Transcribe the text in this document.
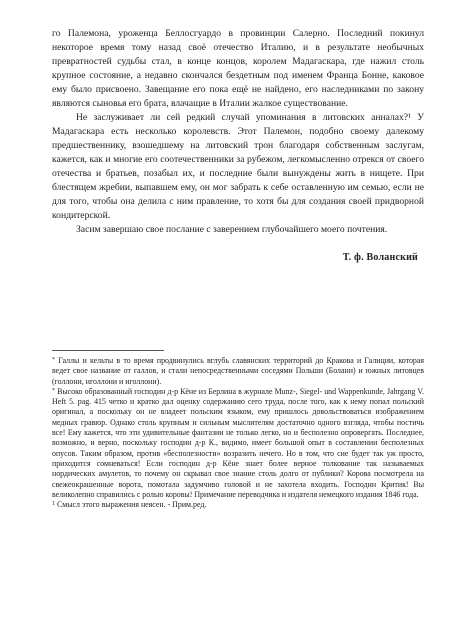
го Палемона, уроженца Беллосгуардо в провинции Салерно. Последний покинул некоторое время тому назад своё отечество Италию, и в результате необычных превратностей судьбы стал, в конце концов, королем Мадагаскара, где нажил столь крупное состояние, а недавно скончался бездетным под именем Франца Бонне, каковое ему было присвоено. Завещание его пока ещё не найдено, его наследниками по закону являются сыновья его брата, влачащие в Италии жалкое существование.

Не заслуживает ли сей редкий случай упоминания в литовских анналах?¹ У Мадагаскара есть несколько королевств. Этот Палемон, подобно своему далекому предшественнику, взошедшему на литовский трон благодаря собственным заслугам, кажется, как и многие его соотечественники за рубежом, легкомысленно отрекся от своего отечества и братьев, позабыл их, и последние были вынуждены жить в нищете. При блестящем жребии, выпавшем ему, он мог забрать к себе оставленную им семью, если не для того, чтобы она делила с ним правление, то хотя бы для создания своей придворной кондитерской.

Засим завершаю свое послание с заверением глубочайшего моего почтения.

Т. ф. Воланский

* Галлы и кельты в то время продвинулись вглубь славянских территорий до Кракова и Галиции, которая ведет свое название от галлов, и стали непосредственными соседями Польши (Болани) и южных литовцев (голлони, иголлони и иголлони).

* Высоко образованный господин д-р Кёне из Берлина в журнале Munz-, Siegel- und Wappenkunde, Jahrgang V. Heft 5. pag. 415 четко и кратко дал оценку содержанию сего труда, после того, как к нему попал польский оригинал, а поскольку он не владеет польским языком, ему пришлось довольствоваться изображением медных гравюр. Однако столь крупным и сильным мыслителям достаточно одного взгляда, чтобы постичь все! Ему кажется, что эти удивительные фантазии не только легко, но и бесполезно опровергать. Последнее, возможно, и верно, поскольку господин д-р К., видимо, имеет большой опыт в составлении бесполезных опусов. Таким образом, против «бесполезности» возразить нечего. Но в том, что сие будет так уж просто, приходится сомневаться! Если господин д-р Кёне знает более верное толкование так называемых нордических амулетов, то почему он скрывал свое знание столь долго от публики? Корова посмотрела на свежеокрашенные ворота, помотала задумчиво головой и не захотела входить. Господин Критик! Вы великолепно справились с ролью коровы! Примечание переводчика и издателя немецкого издания 1846 года.

$^1$ Смысл этого выражения неясен. - Прим.ред.
